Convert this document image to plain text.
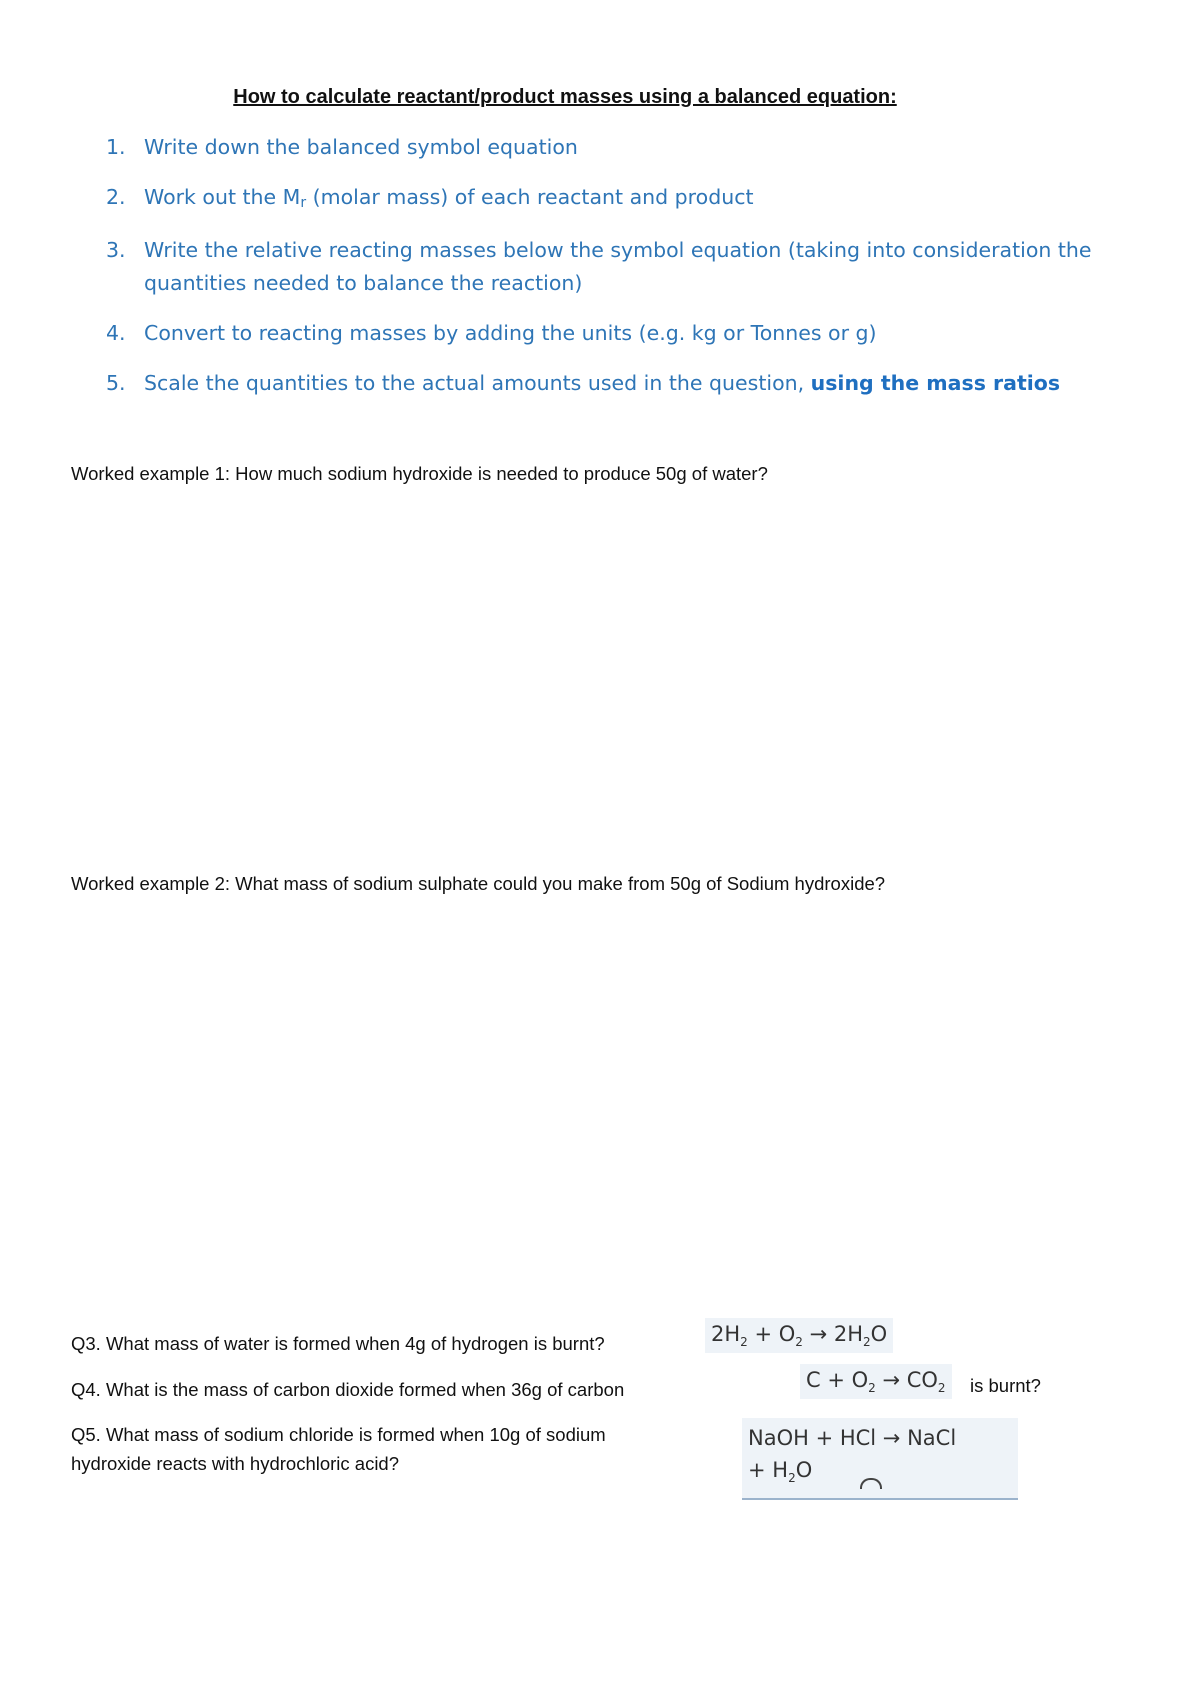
How to calculate reactant/product masses using a balanced equation:
1. Write down the balanced symbol equation
2. Work out the Mr (molar mass) of each reactant and product
3. Write the relative reacting masses below the symbol equation (taking into consideration the quantities needed to balance the reaction)
4. Convert to reacting masses by adding the units (e.g. kg or Tonnes or g)
5. Scale the quantities to the actual amounts used in the question, using the mass ratios
Worked example 1: How much sodium hydroxide is needed to produce 50g of water?
Worked example 2: What mass of sodium sulphate could you make from 50g of Sodium hydroxide?
Q3. What mass of water is formed when 4g of hydrogen is burnt?	$2H_2 + O_2 \to 2H_2O$
Q4. What is the mass of carbon dioxide formed when 36g of carbon	$C + O_2 \to CO_2$	is burnt?
Q5. What mass of sodium chloride is formed when 10g of sodium
hydroxide reacts with hydrochloric acid?
NaOH + HCl → NaCl
+ $H_2O$
